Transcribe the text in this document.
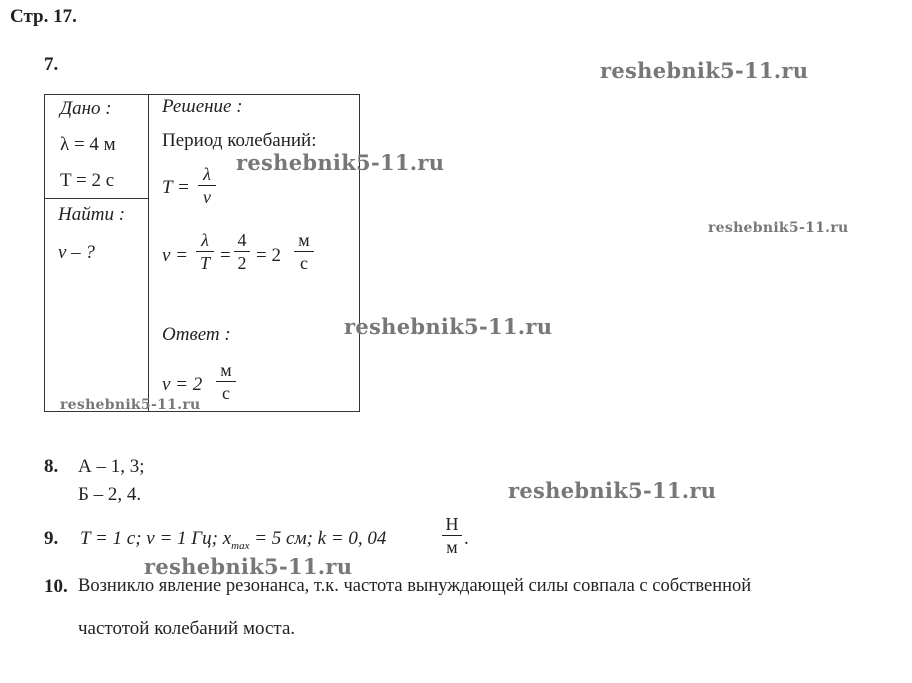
Стр. 17.
7.
Дано :
λ = 4 м
T = 2 с
Найти :
v – ?
Решение :
Период колебаний:
T =
λ
v
v =
λ
T =
4
2 = 2
м
с
Ответ :
v = 2
м
с
8. А – 1, 3;
Б – 2, 4.
9. T = 1 с; ν = 1 Гц; $x_{max} = 5$ см; k = 0, 04
Н
м .
10. Возникло явление резонанса, т.к. частота вынуждающей силы совпала с собственной
частотой колебаний моста.
reshebnik5-11.ru
reshebnik5-11.ru
reshebnik5-11.ru
reshebnik5-11.ru
reshebnik5-11.ru
reshebnik5-11.ru
reshebnik5-11.ru
